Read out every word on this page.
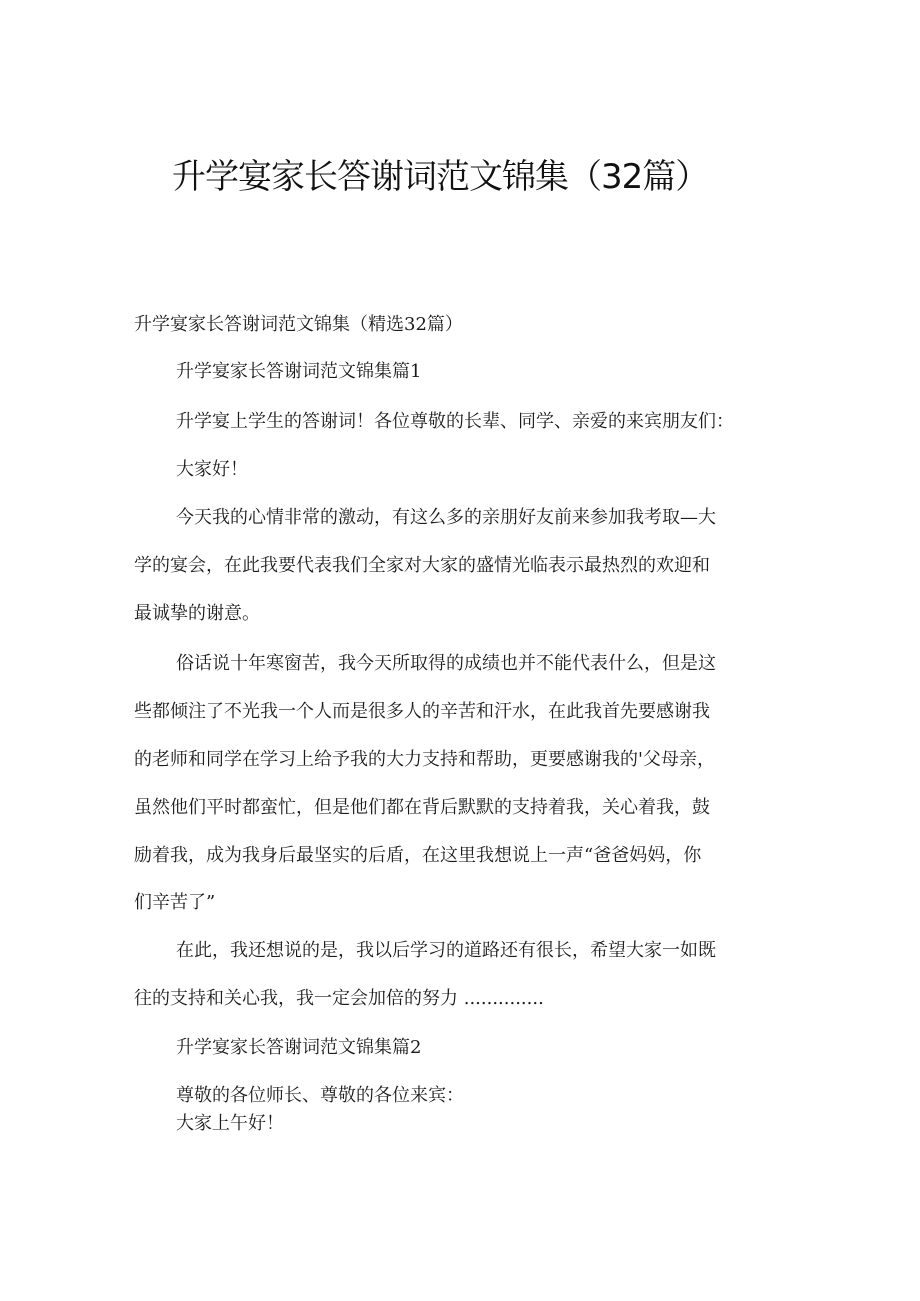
升学宴家长答谢词范文锦集（32篇）
升学宴家长答谢词范文锦集（精选32篇）
升学宴家长答谢词范文锦集篇1
升学宴上学生的答谢词！各位尊敬的长辈、同学、亲爱的来宾朋友们：
大家好！
今天我的心情非常的激动，有这么多的亲朋好友前来参加我考取—大
学的宴会，在此我要代表我们全家对大家的盛情光临表示最热烈的欢迎和
最诚挚的谢意。
俗话说十年寒窗苦，我今天所取得的成绩也并不能代表什么，但是这
些都倾注了不光我一个人而是很多人的辛苦和汗水，在此我首先要感谢我
的老师和同学在学习上给予我的大力支持和帮助，更要感谢我的'父母亲，
虽然他们平时都蛮忙，但是他们都在背后默默的支持着我，关心着我，鼓
励着我，成为我身后最坚实的后盾，在这里我想说上一声“爸爸妈妈，你
们辛苦了”
在此，我还想说的是，我以后学习的道路还有很长，希望大家一如既
往的支持和关心我，我一定会加倍的努力 ..............
升学宴家长答谢词范文锦集篇2
尊敬的各位师长、尊敬的各位来宾：
大家上午好！
